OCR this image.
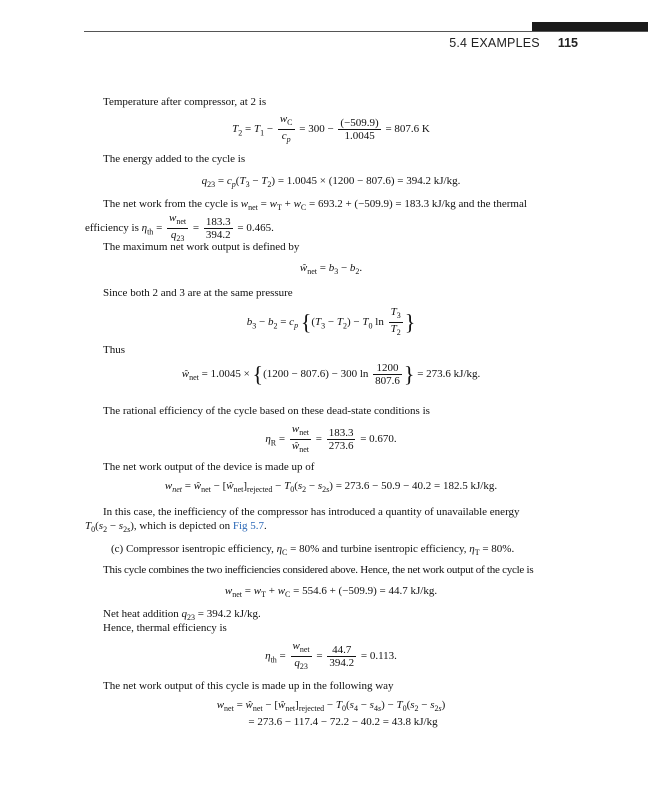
5.4 EXAMPLES 115
Temperature after compressor, at 2 is
$T_2 = T_1 - \frac{w_C}{c_p} = 300 - \frac{(-509.9)}{1.0045} = 807.6$ K
The energy added to the cycle is
$q_{23} = c_p(T_3 - T_2) = 1.0045 \times (1200 - 807.6) = 394.2$ kJ/kg.
The net work from the cycle is $w_{net} = w_T + w_C = 693.2 + (-509.9) = 183.3$ kJ/kg and the thermal
efficiency is $\eta_{th} = \frac{w_{net}}{q_{23}} = \frac{183.3}{394.2} = 0.465$.
The maximum net work output is defined by
$ŵ_{net} = b_3 - b_2$.
Since both 2 and 3 are at the same pressure
$b_3 - b_2 = c_p$ {$(T_3 - T_2) - T_0$ $\ln \frac{T_3}{T_2}$ }
Thus
$ŵ_{net} = 1.0045 \times \{(1200 - 807.6) - 300$ $\ln \frac{1200}{807.6}$ } = 273.6 kJ/kg.
The rational efficiency of the cycle based on these dead-state conditions is
$\eta_R = \frac{w_{net}}{ŵ_{net}} = \frac{183.3}{273.6} = 0.670$.
The net work output of the device is made up of
$w_{net}$ = $ŵ_{net}$ − $[ŵ_{net}]_{rejected} - T_0(s_2 - s_{2s}) = 273.6 - 50.9 - 40.2 = 182.5$ kJ/kg.
In this case, the inefficiency of the compressor has introduced a quantity of unavailable energy
$T_0(s_2 - s_{2s})$, which is depicted on Fig 5.7.
(c) Compressor isentropic efficiency, $\eta_C = 80\%$ and turbine isentropic efficiency, $\eta_T = 80\%$.
This cycle combines the two inefficiencies considered above. Hence, the net work output of the cycle is
$w_{net} = w_T + w_C = 554.6 + (-509.9) = 44.7$ kJ/kg.
Net heat addition $q_{23} = 394.2$ kJ/kg.
Hence, thermal efficiency is
$\eta_{th} = \frac{w_{net}}{q_{23}} = \frac{44.7}{394.2} = 0.113$.
The net work output of this cycle is made up in the following way
$w_{net}$ = $ŵ_{net}$ − $[ŵ_{net}]_{rejected} - T_0(s_4 - s_{4s}) - T_0(s_2 - s_{2s})$
= 273.6 − 117.4 − 72.2 − 40.2 = 43.8 kJ/kg
